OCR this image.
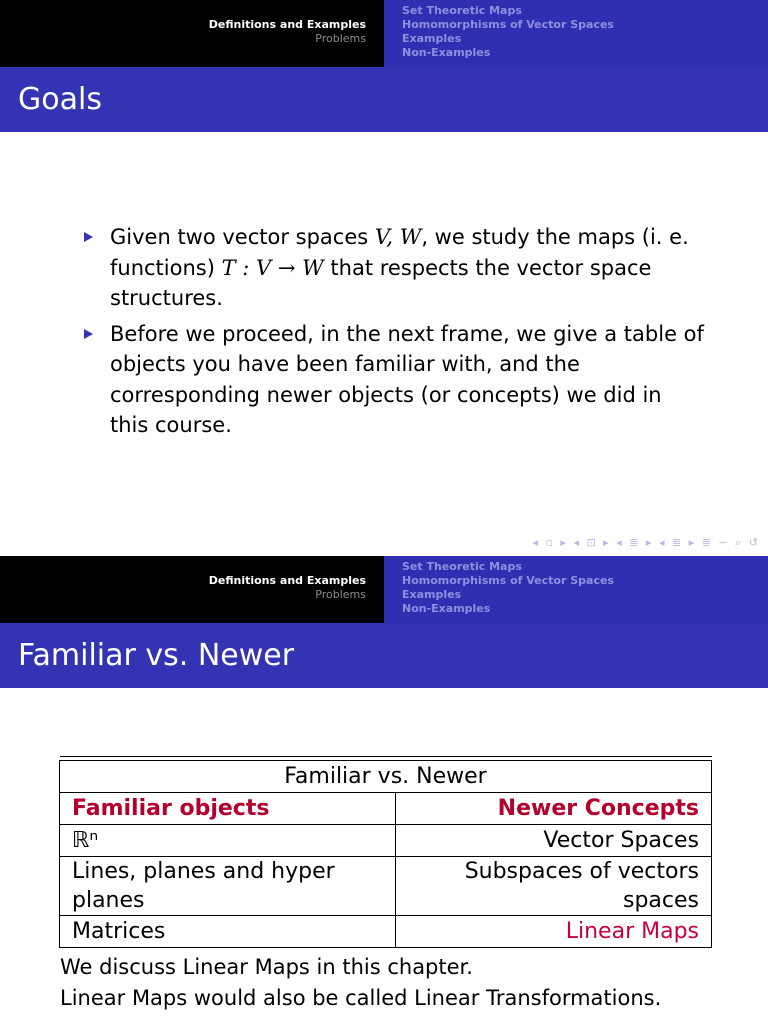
Definitions and Examples
Problems
Set Theoretic Maps
Homomorphisms of Vector Spaces
Examples
Non-Examples
Goals
Given two vector spaces V, W, we study the maps (i. e. functions) T : V → W that respects the vector space structures.
Before we proceed, in the next frame, we give a table of objects you have been familiar with, and the corresponding newer objects (or concepts) we did in this course.
◂ ▫ ▸ ◂ ⊡ ▸ ◂ ≣ ▸ ◂ ≣ ▸ ≣ ∽ ⌕ ↺
Definitions and Examples
Problems
Set Theoretic Maps
Homomorphisms of Vector Spaces
Examples
Non-Examples
Familiar vs. Newer
Familiar vs. Newer	
Familiar objects	Newer Concepts
ℝⁿ	Vector Spaces
Lines, planes and hyper planes	Subspaces of vectors spaces
Matrices	Linear Maps
We discuss Linear Maps in this chapter.
Linear Maps would also be called Linear Transformations.
